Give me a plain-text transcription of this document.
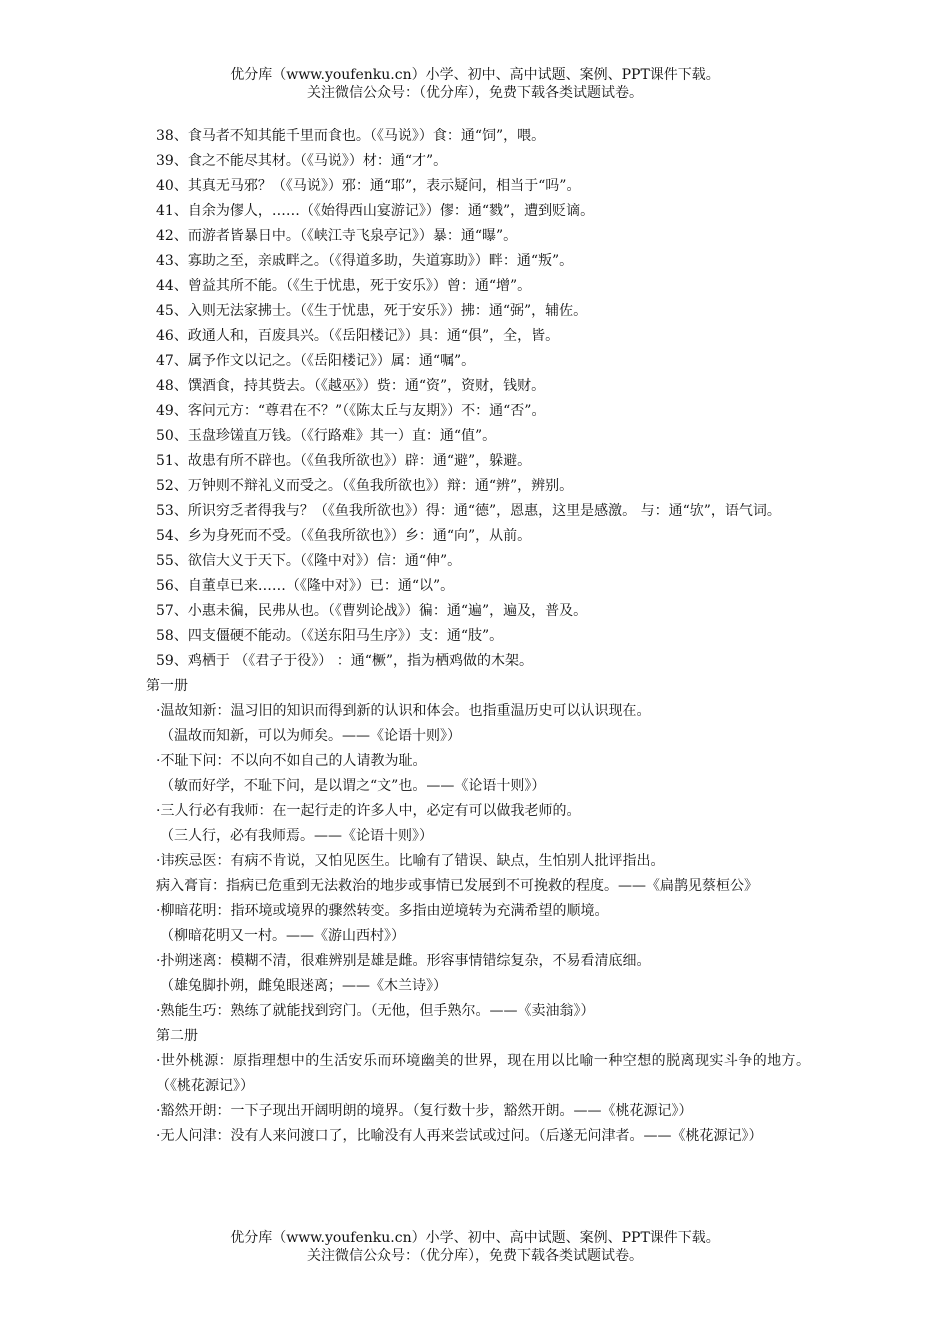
优分库（www.youfenku.cn）小学、初中、高中试题、案例、PPT课件下载。
关注微信公众号：（优分库），免费下载各类试题试卷。
38、食马者不知其能千里而食也。（《马说》）食：通“饲”，喂。
39、食之不能尽其材。（《马说》）材：通“才”。
40、其真无马邪？（《马说》）邪：通“耶”，表示疑问，相当于“吗”。
41、自余为僇人，……（《始得西山宴游记》）僇：通“戮”，遭到贬谪。
42、而游者皆暴日中。（《峡江寺飞泉亭记》）暴：通“曝”。
43、寡助之至，亲戚畔之。（《得道多助，失道寡助》）畔：通“叛”。
44、曾益其所不能。（《生于忧患，死于安乐》）曾：通“增”。
45、入则无法家拂士。（《生于忧患，死于安乐》）拂：通“弼”，辅佐。
46、政通人和，百废具兴。（《岳阳楼记》）具：通“俱”，全，皆。
47、属予作文以记之。（《岳阳楼记》）属：通“嘱”。
48、馔酒食，持其赀去。（《越巫》）赀：通“资”，资财，钱财。
49、客问元方：“尊君在不？”（《陈太丘与友期》）不：通“否”。
50、玉盘珍馐直万钱。（《行路难》其一）直：通“值”。
51、故患有所不辟也。（《鱼我所欲也》）辟：通“避”，躲避。
52、万钟则不辩礼义而受之。（《鱼我所欲也》）辩：通“辨”，辨别。
53、所识穷乏者得我与？（《鱼我所欲也》）得：通“德”，恩惠，这里是感激。 与：通“欤”，语气词。
54、乡为身死而不受。（《鱼我所欲也》）乡：通“向”，从前。
55、欲信大义于天下。（《隆中对》）信：通“伸”。
56、自董卓已来……（《隆中对》）已：通“以”。
57、小惠未徧，民弗从也。（《曹刿论战》）徧：通“遍”，遍及，普及。
58、四支僵硬不能动。（《送东阳马生序》）支：通“肢”。
59、鸡栖于 （《君子于役》） ：通“橛”，指为栖鸡做的木架。
第一册
·温故知新：温习旧的知识而得到新的认识和体会。也指重温历史可以认识现在。
（温故而知新，可以为师矣。——《论语十则》）
·不耻下问：不以向不如自己的人请教为耻。
（敏而好学，不耻下问，是以谓之“文”也。——《论语十则》）
·三人行必有我师：在一起行走的许多人中，必定有可以做我老师的。
（三人行，必有我师焉。——《论语十则》）
·讳疾忌医：有病不肯说，又怕见医生。比喻有了错误、缺点，生怕别人批评指出。
病入膏肓：指病已危重到无法救治的地步或事情已发展到不可挽救的程度。——《扁鹊见蔡桓公》
·柳暗花明：指环境或境界的骤然转变。多指由逆境转为充满希望的顺境。
（柳暗花明又一村。——《游山西村》）
·扑朔迷离：模糊不清，很难辨别是雄是雌。形容事情错综复杂，不易看清底细。
（雄兔脚扑朔，雌兔眼迷离；——《木兰诗》）
·熟能生巧：熟练了就能找到窍门。（无他，但手熟尔。——《卖油翁》）
第二册
·世外桃源：原指理想中的生活安乐而环境幽美的世界，现在用以比喻一种空想的脱离现实斗争的地方。（《桃花源记》）
·豁然开朗：一下子现出开阔明朗的境界。（复行数十步，豁然开朗。——《桃花源记》）
·无人问津：没有人来问渡口了，比喻没有人再来尝试或过问。（后遂无问津者。——《桃花源记》）
优分库（www.youfenku.cn）小学、初中、高中试题、案例、PPT课件下载。
关注微信公众号：（优分库），免费下载各类试题试卷。
